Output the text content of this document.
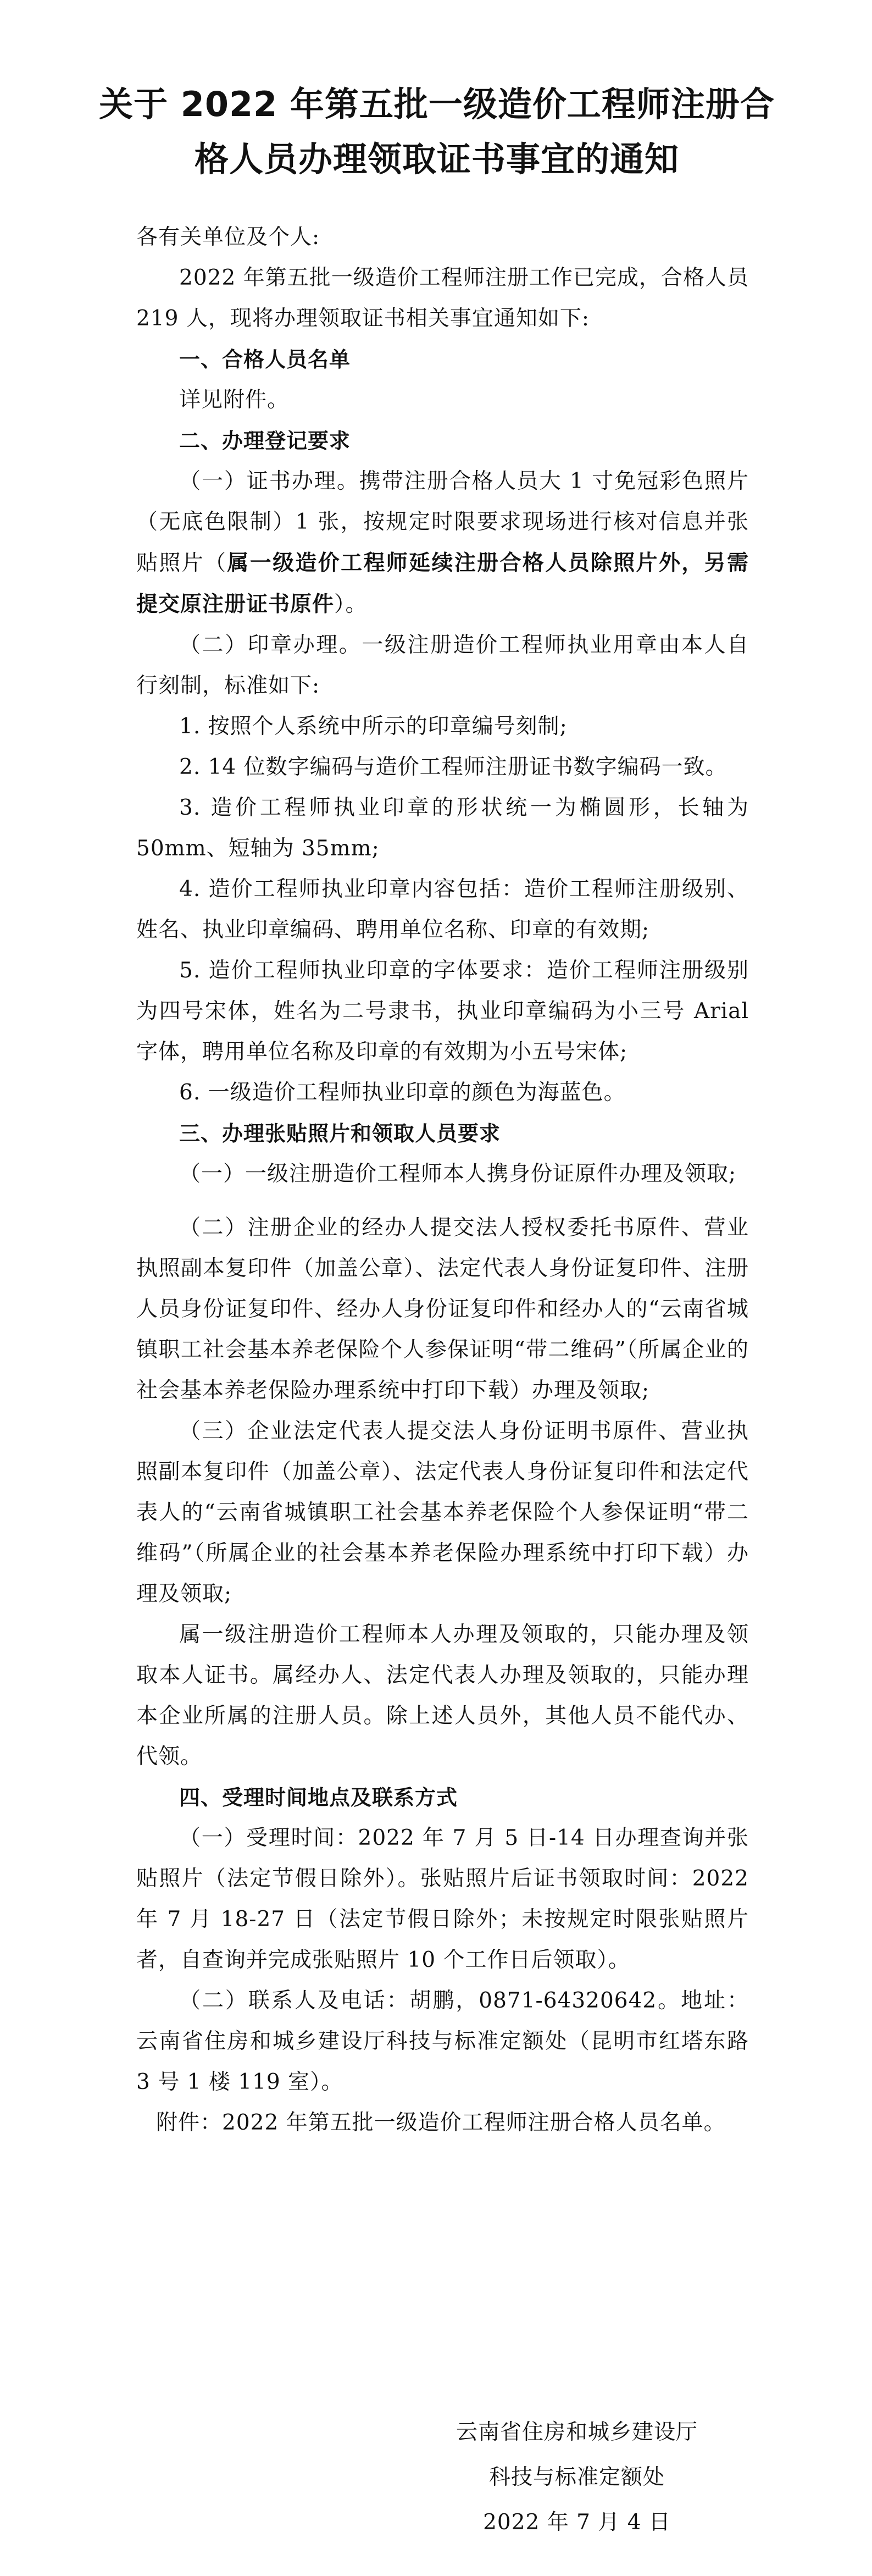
关于 2022 年第五批一级造价工程师注册合
格人员办理领取证书事宜的通知

各有关单位及个人:

2022 年第五批一级造价工程师注册工作已完成，合格人员 219 人，现将办理领取证书相关事宜通知如下:

一、合格人员名单

详见附件。

二、办理登记要求

（一）证书办理。携带注册合格人员大 1 寸免冠彩色照片（无底色限制）1 张，按规定时限要求现场进行核对信息并张贴照片（属一级造价工程师延续注册合格人员除照片外，另需提交原注册证书原件）。

（二）印章办理。一级注册造价工程师执业用章由本人自行刻制，标准如下:

1. 按照个人系统中所示的印章编号刻制;

2. 14 位数字编码与造价工程师注册证书数字编码一致。

3. 造价工程师执业印章的形状统一为椭圆形，长轴为 50mm、短轴为 35mm;

4. 造价工程师执业印章内容包括：造价工程师注册级别、姓名、执业印章编码、聘用单位名称、印章的有效期;

5. 造价工程师执业印章的字体要求：造价工程师注册级别为四号宋体，姓名为二号隶书，执业印章编码为小三号 Arial 字体，聘用单位名称及印章的有效期为小五号宋体;

6. 一级造价工程师执业印章的颜色为海蓝色。

三、办理张贴照片和领取人员要求

（一）一级注册造价工程师本人携身份证原件办理及领取;

（二）注册企业的经办人提交法人授权委托书原件、营业执照副本复印件（加盖公章）、法定代表人身份证复印件、注册人员身份证复印件、经办人身份证复印件和经办人的“云南省城镇职工社会基本养老保险个人参保证明“带二维码”（所属企业的社会基本养老保险办理系统中打印下载）办理及领取;

（三）企业法定代表人提交法人身份证明书原件、营业执照副本复印件（加盖公章）、法定代表人身份证复印件和法定代表人的“云南省城镇职工社会基本养老保险个人参保证明“带二维码”（所属企业的社会基本养老保险办理系统中打印下载）办理及领取;

属一级注册造价工程师本人办理及领取的，只能办理及领取本人证书。属经办人、法定代表人办理及领取的，只能办理本企业所属的注册人员。除上述人员外，其他人员不能代办、代领。

四、受理时间地点及联系方式

（一）受理时间：2022 年 7 月 5 日-14 日办理查询并张贴照片（法定节假日除外）。张贴照片后证书领取时间：2022 年 7 月 18-27 日（法定节假日除外；未按规定时限张贴照片者，自查询并完成张贴照片 10 个工作日后领取）。

（二）联系人及电话：胡鹏，0871-64320642。地址：云南省住房和城乡建设厅科技与标准定额处（昆明市红塔东路 3 号 1 楼 119 室）。

附件：2022 年第五批一级造价工程师注册合格人员名单。

云南省住房和城乡建设厅
科技与标准定额处
2022 年 7 月 4 日
